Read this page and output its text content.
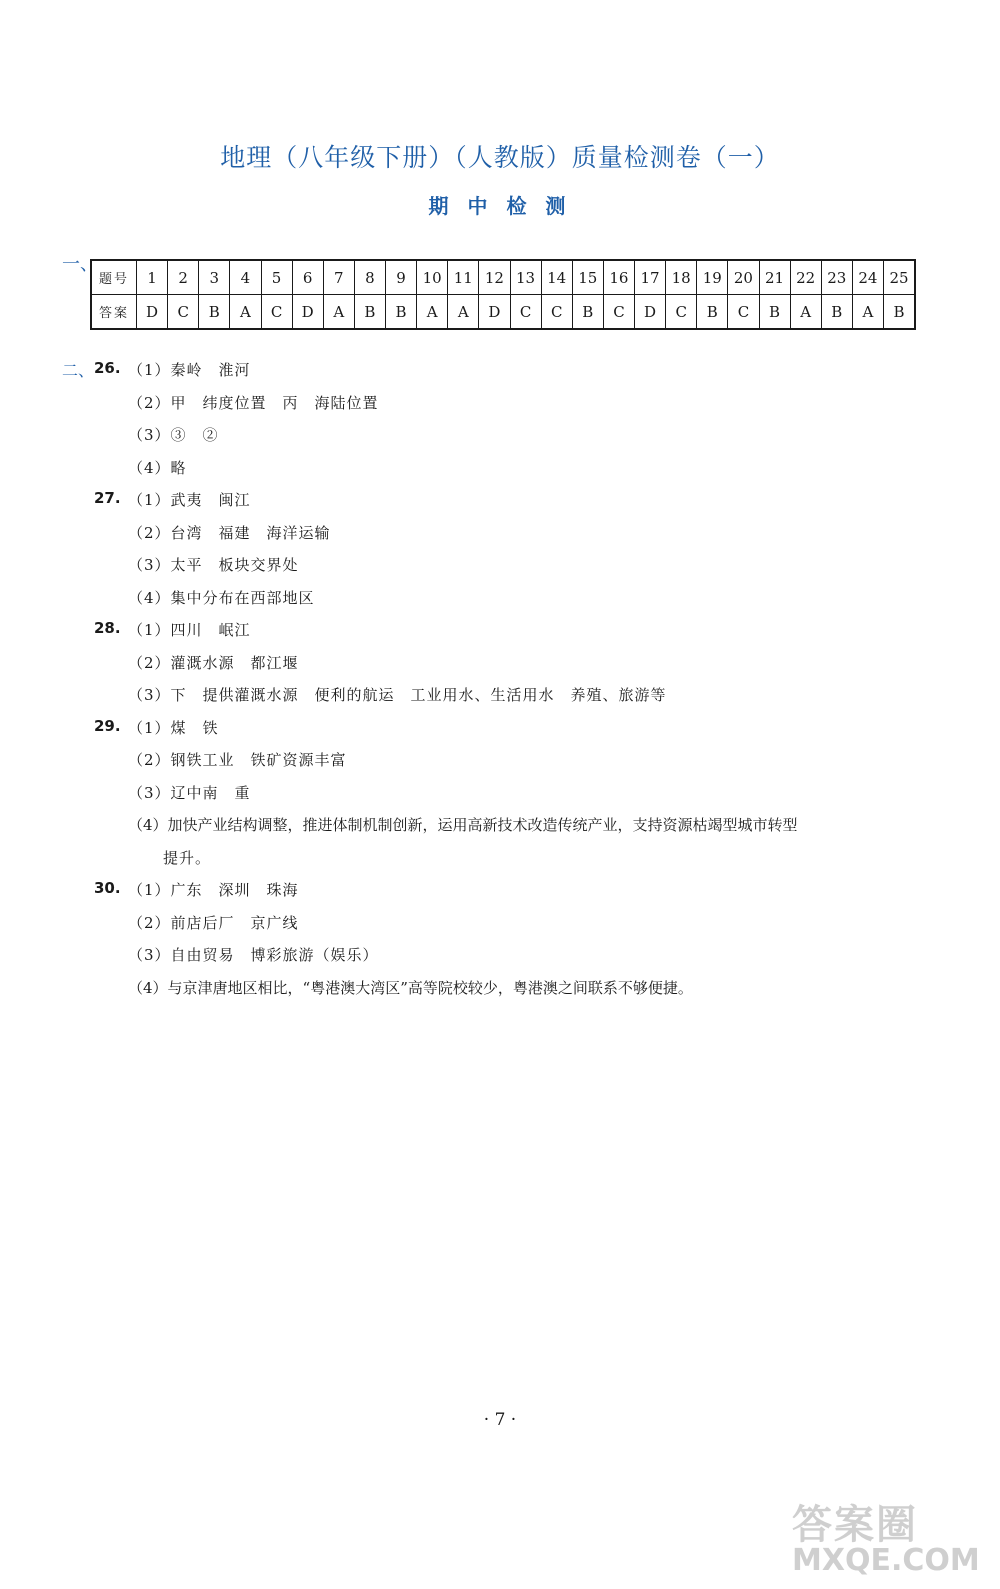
地理（八年级下册）（人教版）质量检测卷（一）
期 中 检 测
一、
题号	1	2	3	4	5	6	7	8	9	10	11	12	13	14	15	16	17	18	19	20	21	22	23	24	25
答案	D	C	B	A	C	D	A	B	B	A	A	D	C	C	B	C	D	C	B	C	B	A	B	A	B
二、 26. （1）秦岭　淮河
（2）甲　纬度位置　丙　海陆位置
（3）③　②
（4）略
27. （1）武夷　闽江
（2）台湾　福建　海洋运输
（3）太平　板块交界处
（4）集中分布在西部地区
28. （1）四川　岷江
（2）灌溉水源　都江堰
（3）下　提供灌溉水源　便利的航运　工业用水、生活用水　养殖、旅游等
29. （1）煤　铁
（2）钢铁工业　铁矿资源丰富
（3）辽中南　重
（4）加快产业结构调整，推进体制机制创新，运用高新技术改造传统产业，支持资源枯竭型城市转型
提升。
30. （1）广东　深圳　珠海
（2）前店后厂　京广线
（3）自由贸易　博彩旅游（娱乐）
（4）与京津唐地区相比，“粤港澳大湾区”高等院校较少，粤港澳之间联系不够便捷。
· 7 ·
答案圈
MXQE.COM
